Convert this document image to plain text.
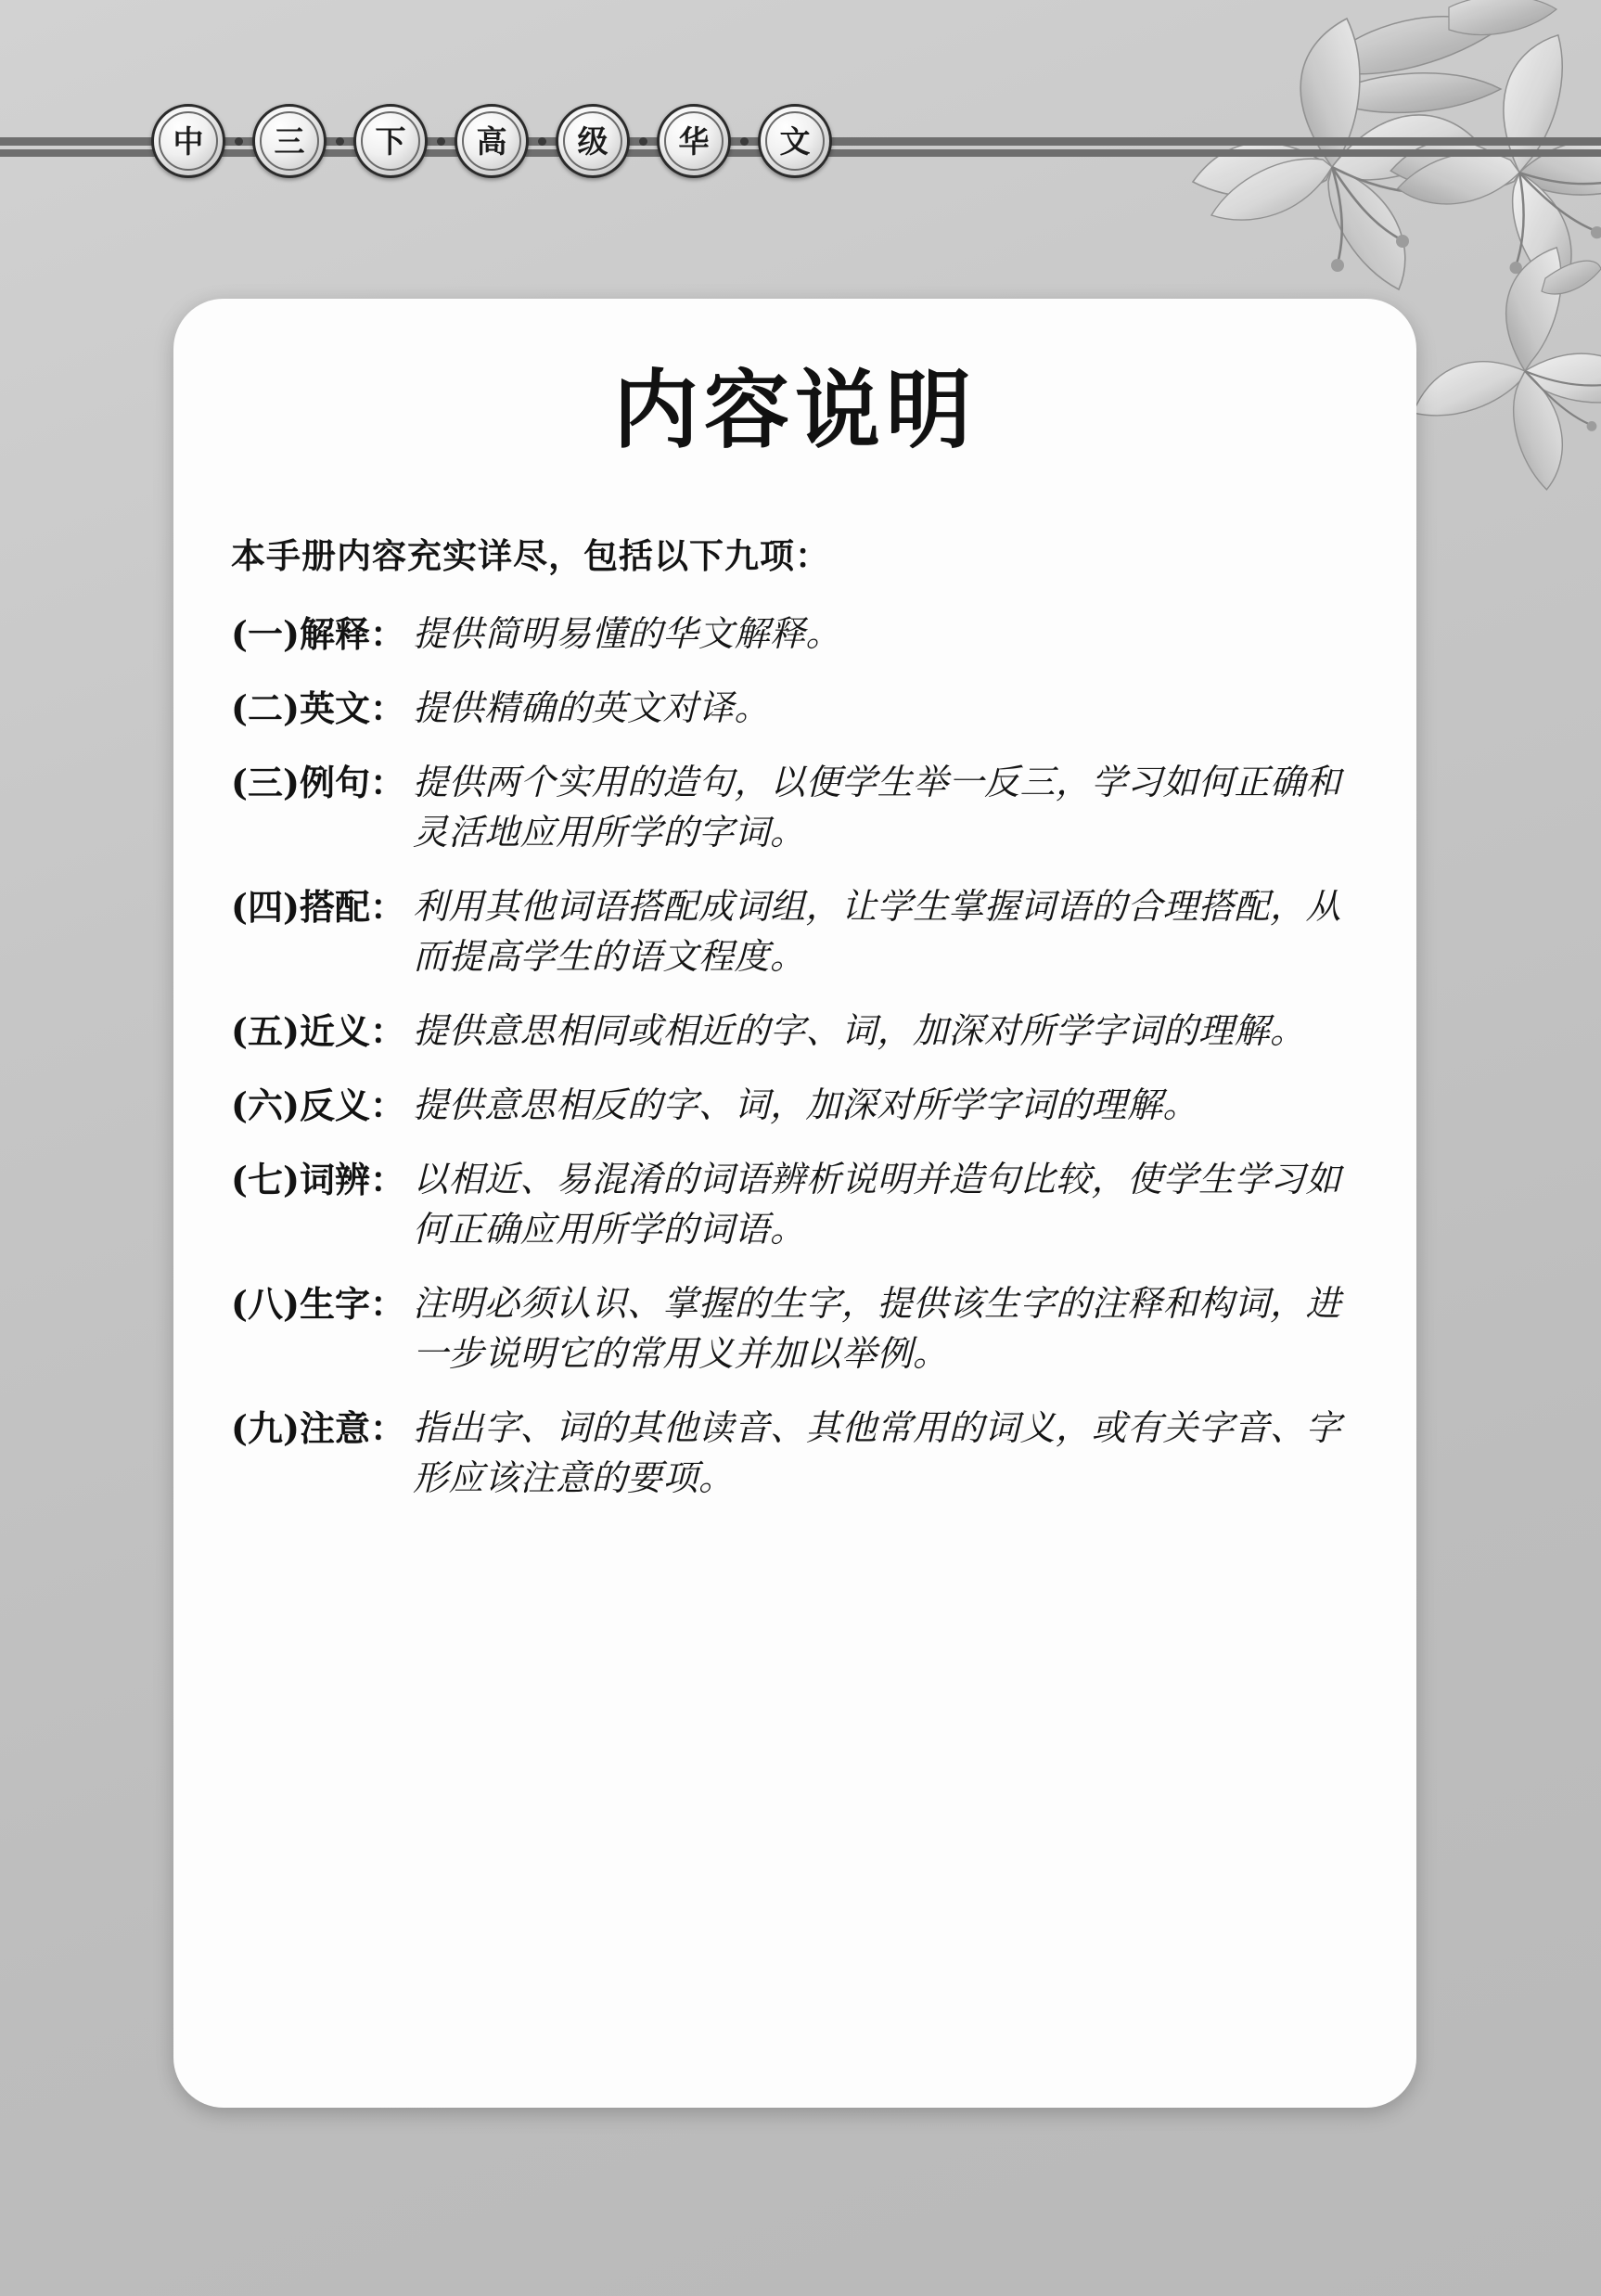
中 三 下 高 级 华 文
内容说明

本手册内容充实详尽，包括以下九项：

(一)解释： 提供简明易懂的华文解释。
(二)英文： 提供精确的英文对译。
(三)例句： 提供两个实用的造句，以便学生举一反三，学习如何正确和灵活地应用所学的字词。
(四)搭配： 利用其他词语搭配成词组，让学生掌握词语的合理搭配，从而提高学生的语文程度。
(五)近义： 提供意思相同或相近的字、词，加深对所学字词的理解。
(六)反义： 提供意思相反的字、词，加深对所学字词的理解。
(七)词辨： 以相近、易混淆的词语辨析说明并造句比较，使学生学习如何正确应用所学的词语。
(八)生字： 注明必须认识、掌握的生字，提供该生字的注释和构词，进一步说明它的常用义并加以举例。
(九)注意： 指出字、词的其他读音、其他常用的词义，或有关字音、字形应该注意的要项。
